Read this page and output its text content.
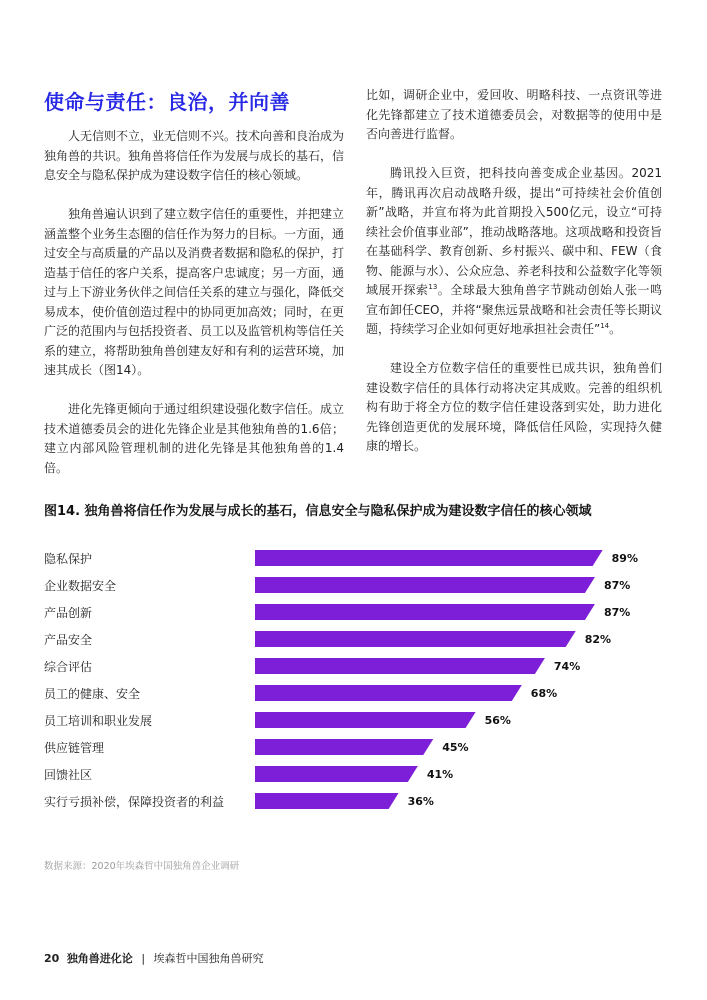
使命与责任：良治，并向善

人无信则不立，业无信则不兴。技术向善和良治成为独角兽的共识。独角兽将信任作为发展与成长的基石，信息安全与隐私保护成为建设数字信任的核心领域。

独角兽遍认识到了建立数字信任的重要性，并把建立涵盖整个业务生态圈的信任作为努力的目标。一方面，通过安全与高质量的产品以及消费者数据和隐私的保护，打造基于信任的客户关系，提高客户忠诚度；另一方面，通过与上下游业务伙伴之间信任关系的建立与强化，降低交易成本，使价值创造过程中的协同更加高效；同时，在更广泛的范围内与包括投资者、员工以及监管机构等信任关系的建立，将帮助独角兽创建友好和有利的运营环境，加速其成长（图14）。

进化先锋更倾向于通过组织建设强化数字信任。成立技术道德委员会的进化先锋企业是其他独角兽的1.6倍；建立内部风险管理机制的进化先锋是其他独角兽的1.4倍。

比如，调研企业中，爱回收、明略科技、一点资讯等进化先锋都建立了技术道德委员会，对数据等的使用中是否向善进行监督。

腾讯投入巨资，把科技向善变成企业基因。2021年，腾讯再次启动战略升级，提出“可持续社会价值创新”战略，并宣布将为此首期投入500亿元，设立“可持续社会价值事业部”，推动战略落地。这项战略和投资旨在基础科学、教育创新、乡村振兴、碳中和、FEW（食物、能源与水）、公众应急、养老科技和公益数字化等领域展开探索$^{13}$。全球最大独角兽字节跳动创始人张一鸣宣布卸任CEO，并将“聚焦远景战略和社会责任等长期议题，持续学习企业如何更好地承担社会责任”$^{14}$。

建设全方位数字信任的重要性已成共识，独角兽们建设数字信任的具体行动将决定其成败。完善的组织机构有助于将全方位的数字信任建设落到实处，助力进化先锋创造更优的发展环境，降低信任风险，实现持久健康的增长。

图14. 独角兽将信任作为发展与成长的基石，信息安全与隐私保护成为建设数字信任的核心领域
隐私保护	89%
企业数据安全	87%
产品创新	87%
产品安全	82%
综合评估	74%
员工的健康、安全	68%
员工培训和职业发展	56%
供应链管理	45%
回馈社区	41%
实行亏损补偿，保障投资者的利益	36%
数据来源：2020年埃森哲中国独角兽企业调研
20 独角兽进化论 | 埃森哲中国独角兽研究
